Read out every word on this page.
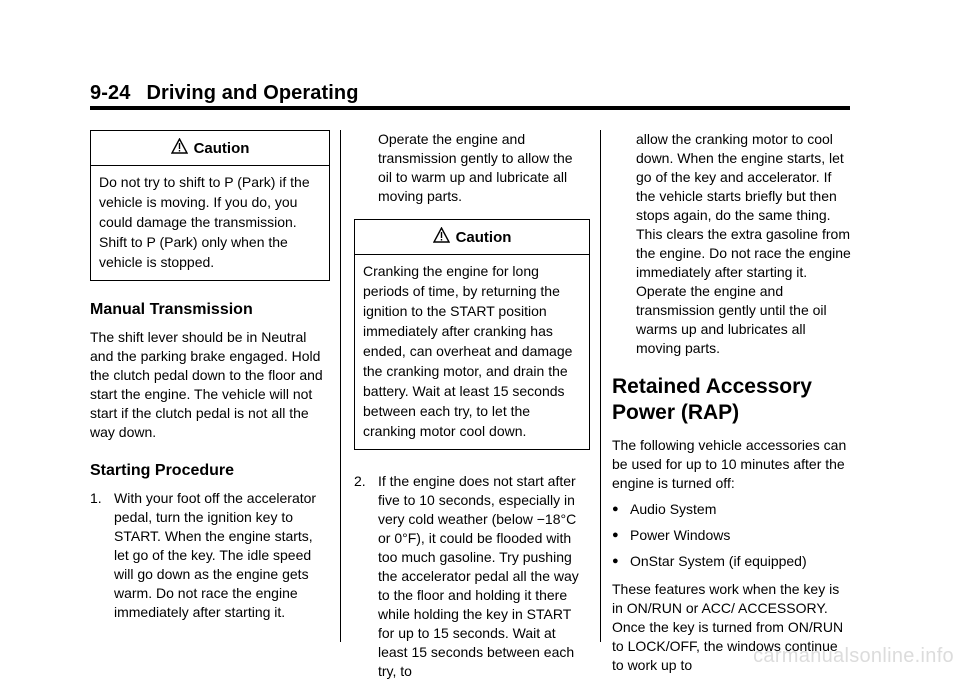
9-24 Driving and Operating
Caution
Do not try to shift to P (Park) if the vehicle is moving. If you do, you could damage the transmission. Shift to P (Park) only when the vehicle is stopped.
Manual Transmission

The shift lever should be in Neutral and the parking brake engaged. Hold the clutch pedal down to the floor and start the engine. The vehicle will not start if the clutch pedal is not all the way down.

Starting Procedure

1. With your foot off the accelerator pedal, turn the ignition key to START. When the engine starts, let go of the key. The idle speed will go down as the engine gets warm. Do not race the engine immediately after starting it.

Operate the engine and transmission gently to allow the oil to warm up and lubricate all moving parts.

Caution
Cranking the engine for long periods of time, by returning the ignition to the START position immediately after cranking has ended, can overheat and damage the cranking motor, and drain the battery. Wait at least 15 seconds between each try, to let the cranking motor cool down.

2. If the engine does not start after five to 10 seconds, especially in very cold weather (below −18°C or 0°F), it could be flooded with too much gasoline. Try pushing the accelerator pedal all the way to the floor and holding it there while holding the key in START for up to 15 seconds. Wait at least 15 seconds between each try, to

allow the cranking motor to cool down. When the engine starts, let go of the key and accelerator. If the vehicle starts briefly but then stops again, do the same thing. This clears the extra gasoline from the engine. Do not race the engine immediately after starting it. Operate the engine and transmission gently until the oil warms up and lubricates all moving parts.

Retained Accessory
Power (RAP)

The following vehicle accessories can be used for up to 10 minutes after the engine is turned off:

● Audio System
● Power Windows
● OnStar System (if equipped)

These features work when the key is in ON/RUN or ACC/ ACCESSORY. Once the key is turned from ON/RUN to LOCK/OFF, the windows continue to work up to	carmanualsonline.info
